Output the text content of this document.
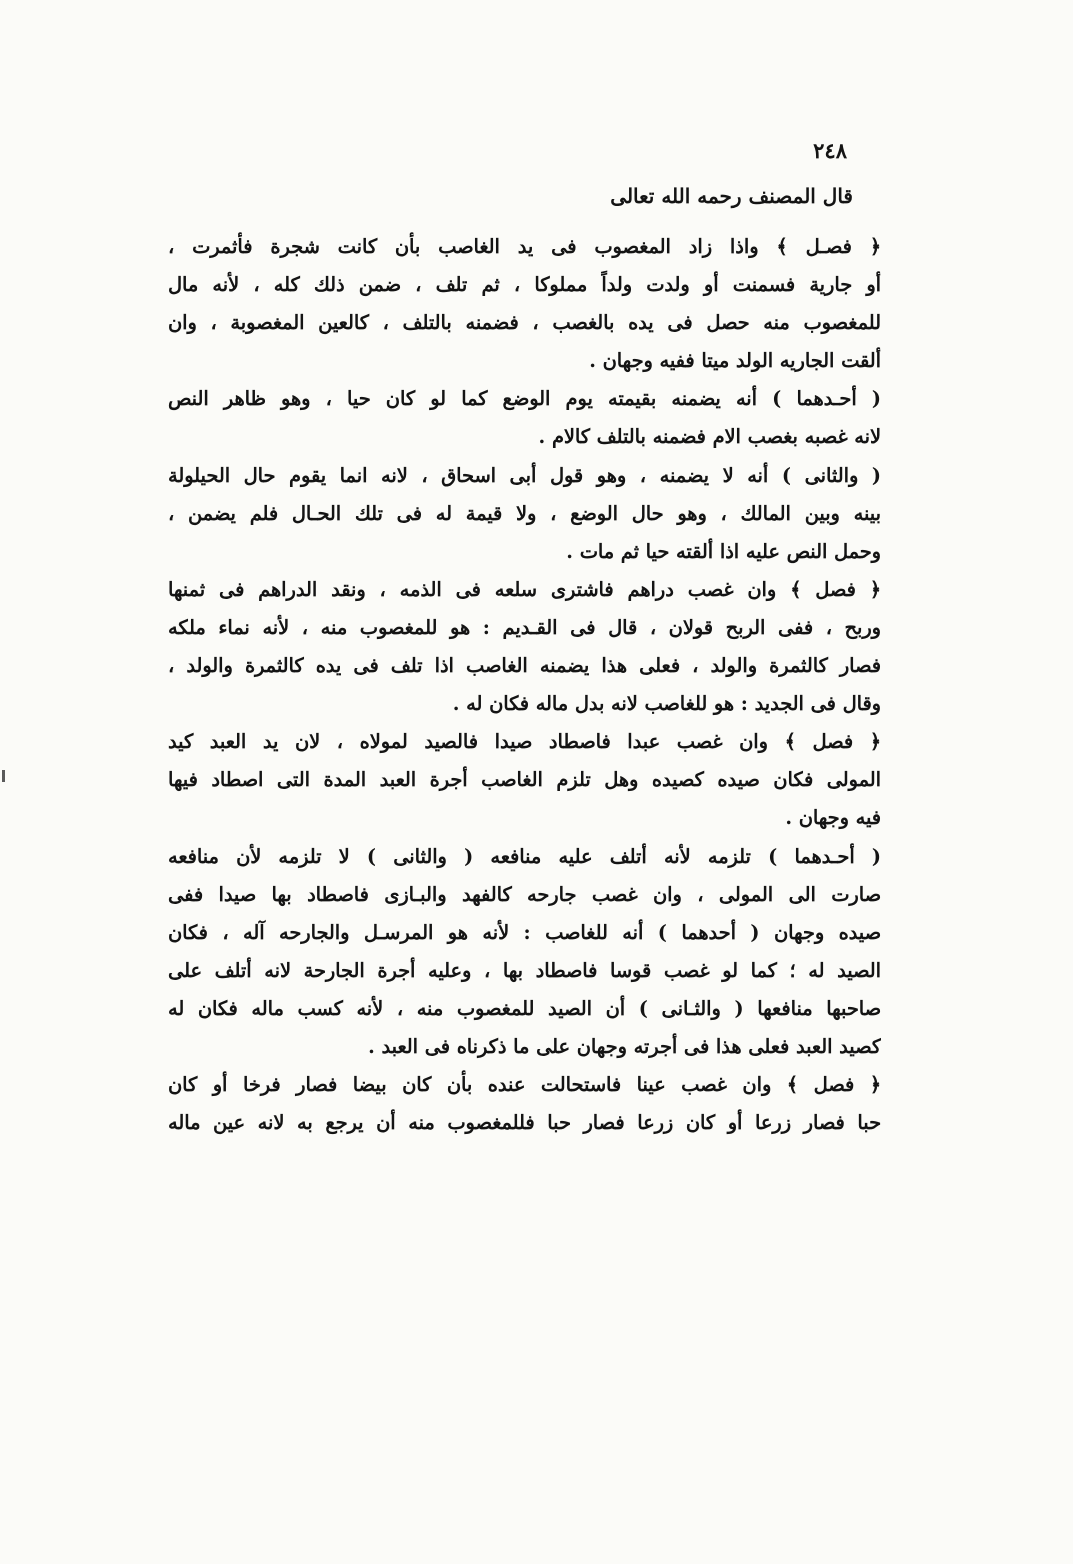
٢٤٨
قال المصنف رحمه الله تعالى
﴿ فصـل ﴾ واذا زاد المغصوب فى يد الغاصب بأن كانت شجرة فأثمرت ،
أو جارية فسمنت أو ولدت ولداً مملوكا ، ثم تلف ، ضمن ذلك كله ، لأنه مال
للمغصوب منه حصل فى يده بالغصب ، فضمنه بالتلف ، كالعين المغصوبة ، وان
ألقت الجاريه الولد ميتا ففيه وجهان .
( أحـدهما ) أنه يضمنه بقيمته يوم الوضع كما لو كان حيا ، وهو ظاهر النص
لانه غصبه بغصب الام فضمنه بالتلف كالام .
( والثانى ) أنه لا يضمنه ، وهو قول أبى اسحاق ، لانه انما يقوم حال الحيلولة
بينه وبين المالك ، وهو حال الوضع ، ولا قيمة له فى تلك الحـال فلم يضمن ،
وحمل النص عليه اذا ألقته حيا ثم مات .
﴿ فصل ﴾ وان غصب دراهم فاشترى سلعه فى الذمه ، ونقد الدراهم فى ثمنها
وربح ، ففى الربح قولان ، قال فى القـديم : هو للمغصوب منه ، لأنه نماء ملكه
فصار كالثمرة والولد ، فعلى هذا يضمنه الغاصب اذا تلف فى يده كالثمرة والولد ،
وقال فى الجديد : هو للغاصب لانه بدل ماله فكان له .
﴿ فصل ﴾ وان غصب عبدا فاصطاد صيدا فالصيد لمولاه ، لان يد العبد كيد
المولى فكان صيده كصيده وهل تلزم الغاصب أجرة العبد المدة التى اصطاد فيها
فيه وجهان .
( أحـدهما ) تلزمه لأنه أتلف عليه منافعه ( والثانى ) لا تلزمه لأن منافعه
صارت الى المولى ، وان غصب جارحه كالفهد والبـازى فاصطاد بها صيدا ففى
صيده وجهان ( أحدهما ) أنه للغاصب : لأنه هو المرسـل والجارحه آله ، فكان
الصيد له ؛ كما لو غصب قوسا فاصطاد بها ، وعليه أجرة الجارحة لانه أتلف على
صاحبها منافعها ( والثـانى ) أن الصيد للمغصوب منه ، لأنه كسب ماله فكان له
كصيد العبد فعلى هذا فى أجرته وجهان على ما ذكرناه فى العبد .
﴿ فصل ﴾ وان غصب عينا فاستحالت عنده بأن كان بيضا فصار فرخا أو كان
حبا فصار زرعا أو كان زرعا فصار حبا فللمغصوب منه أن يرجع به لانه عين ماله
